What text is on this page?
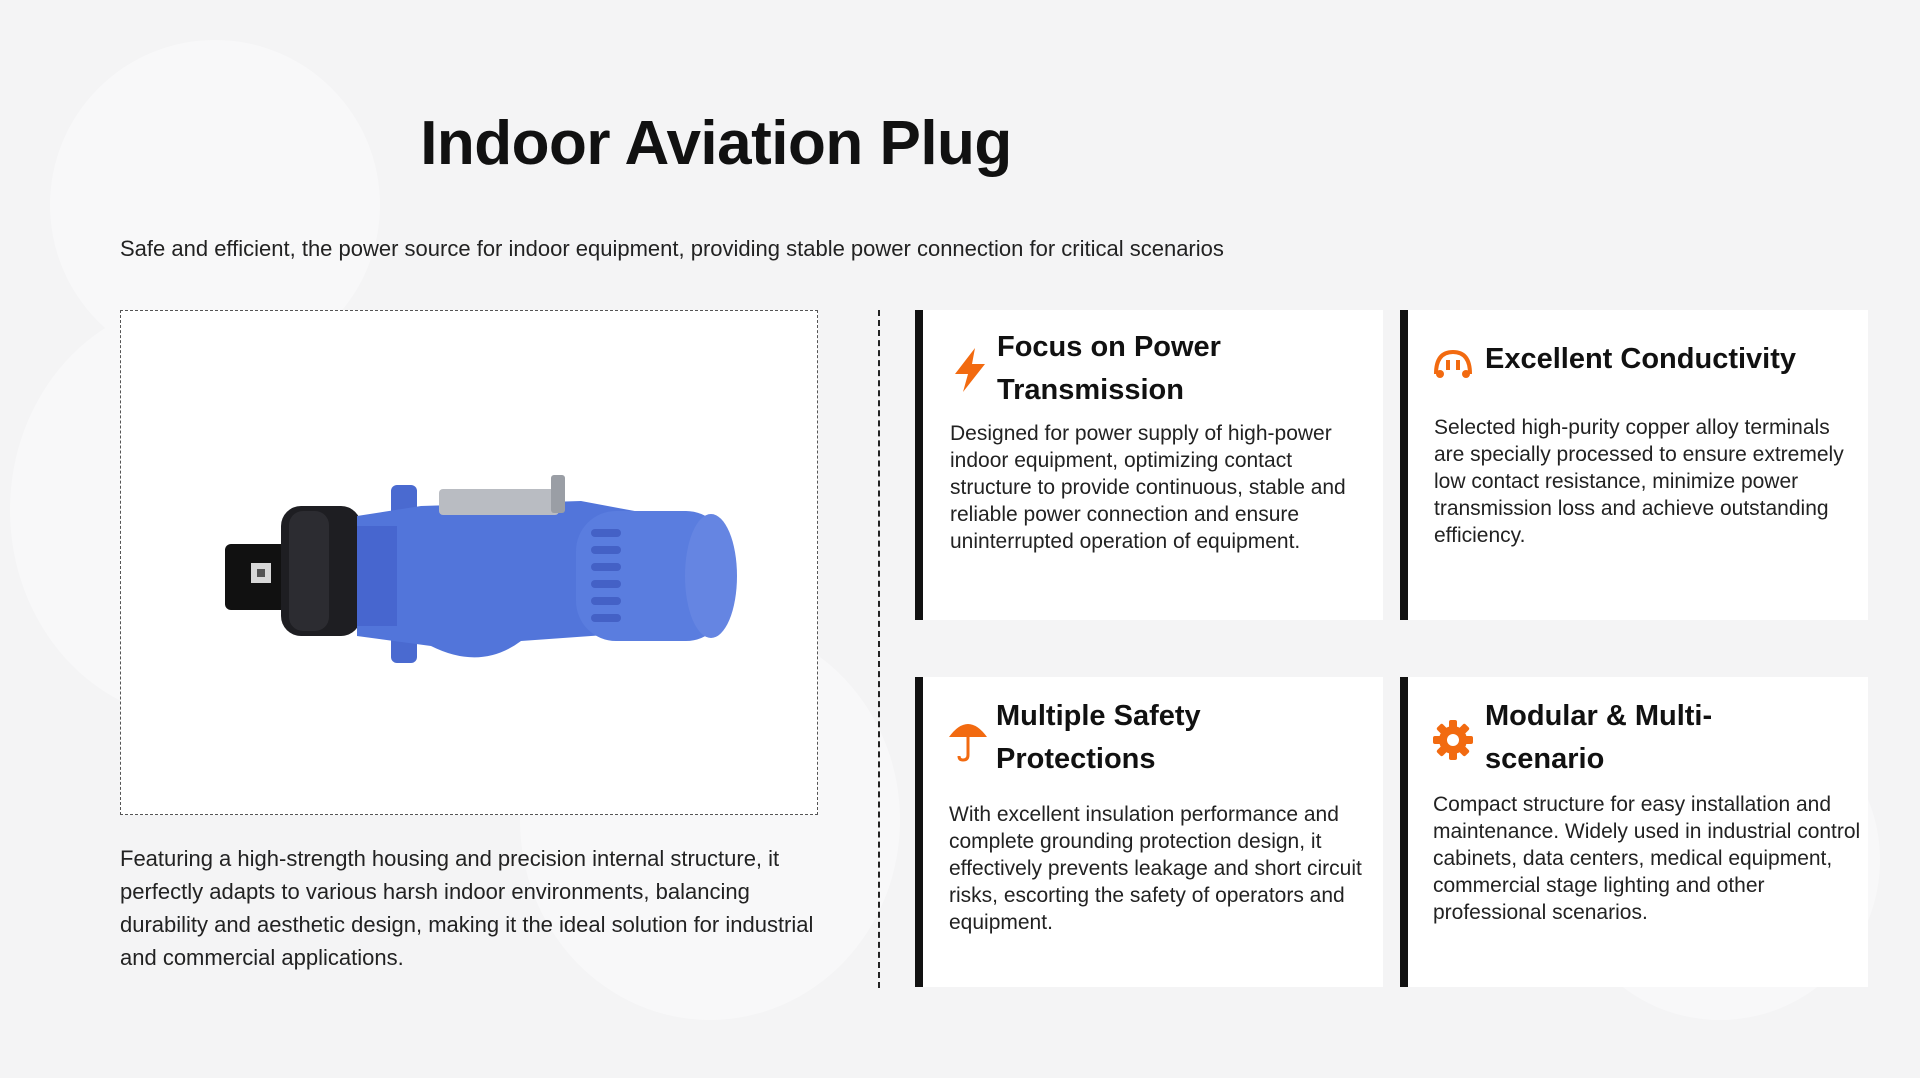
Indoor Aviation Plug
Safe and efficient, the power source for indoor equipment, providing stable power connection for critical scenarios
Featuring a high-strength housing and precision internal structure, it perfectly adapts to various harsh indoor environments, balancing durability and aesthetic design, making it the ideal solution for industrial and commercial applications.
Focus on Power Transmission
Designed for power supply of high-power indoor equipment, optimizing contact structure to provide continuous, stable and reliable power connection and ensure uninterrupted operation of equipment.
Excellent Conductivity
Selected high-purity copper alloy terminals are specially processed to ensure extremely low contact resistance, minimize power transmission loss and achieve outstanding efficiency.
Multiple Safety Protections
With excellent insulation performance and complete grounding protection design, it effectively prevents leakage and short circuit risks, escorting the safety of operators and equipment.
Modular & Multi-scenario
Compact structure for easy installation and maintenance. Widely used in industrial control cabinets, data centers, medical equipment, commercial stage lighting and other professional scenarios.
